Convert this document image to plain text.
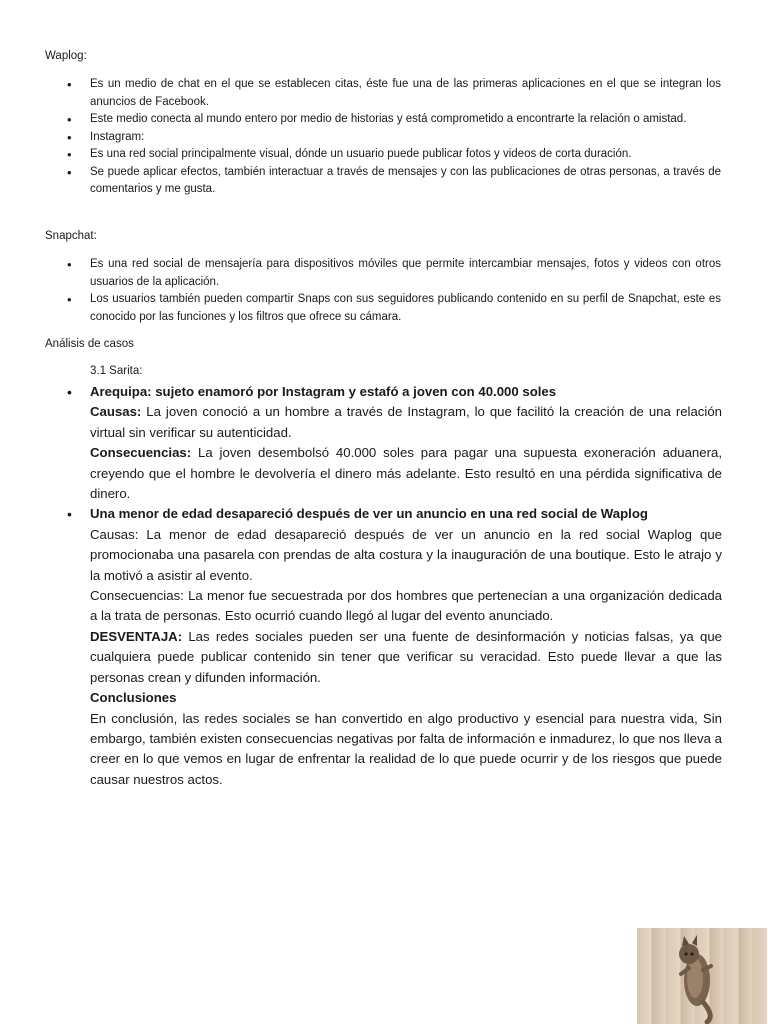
Waplog:
• Es un medio de chat en el que se establecen citas, éste fue una de las primeras aplicaciones en el que se integran los anuncios de Facebook.
• Este medio conecta al mundo entero por medio de historias y está comprometido a encontrarte la relación o amistad.
• Instagram:
• Es una red social principalmente visual, dónde un usuario puede publicar fotos y videos de corta duración.
• Se puede aplicar efectos, también interactuar a través de mensajes y con las publicaciones de otras personas, a través de comentarios y me gusta.
Snapchat:
• Es una red social de mensajería para dispositivos móviles que permite intercambiar mensajes, fotos y videos con otros usuarios de la aplicación.
• Los usuarios también pueden compartir Snaps con sus seguidores publicando contenido en su perfil de Snapchat, este es conocido por las funciones y los filtros que ofrece su cámara.
Análisis de casos
3.1 Sarita:

• Arequipa: sujeto enamoró por Instagram y estafó a joven con 40.000 soles

Causas: La joven conoció a un hombre a través de Instagram, lo que facilitó la creación de una relación virtual sin verificar su autenticidad.

Consecuencias: La joven desembolsó 40.000 soles para pagar una supuesta exoneración aduanera, creyendo que el hombre le devolvería el dinero más adelante. Esto resultó en una pérdida significativa de dinero.

• Una menor de edad desapareció después de ver un anuncio en una red social de Waplog

Causas: La menor de edad desapareció después de ver un anuncio en la red social Waplog que promocionaba una pasarela con prendas de alta costura y la inauguración de una boutique. Esto le atrajo y la motivó a asistir al evento.

Consecuencias: La menor fue secuestrada por dos hombres que pertenecían a una organización dedicada a la trata de personas. Esto ocurrió cuando llegó al lugar del evento anunciado.

DESVENTAJA: Las redes sociales pueden ser una fuente de desinformación y noticias falsas, ya que cualquiera puede publicar contenido sin tener que verificar su veracidad. Esto puede llevar a que las personas crean y difunden información.

Conclusiones

En conclusión, las redes sociales se han convertido en algo productivo y esencial para nuestra vida, Sin embargo, también existen consecuencias negativas por falta de información e inmadurez, lo que nos lleva a creer en lo que vemos en lugar de enfrentar la realidad de lo que puede ocurrir y de los riesgos que puede causar nuestros actos.
